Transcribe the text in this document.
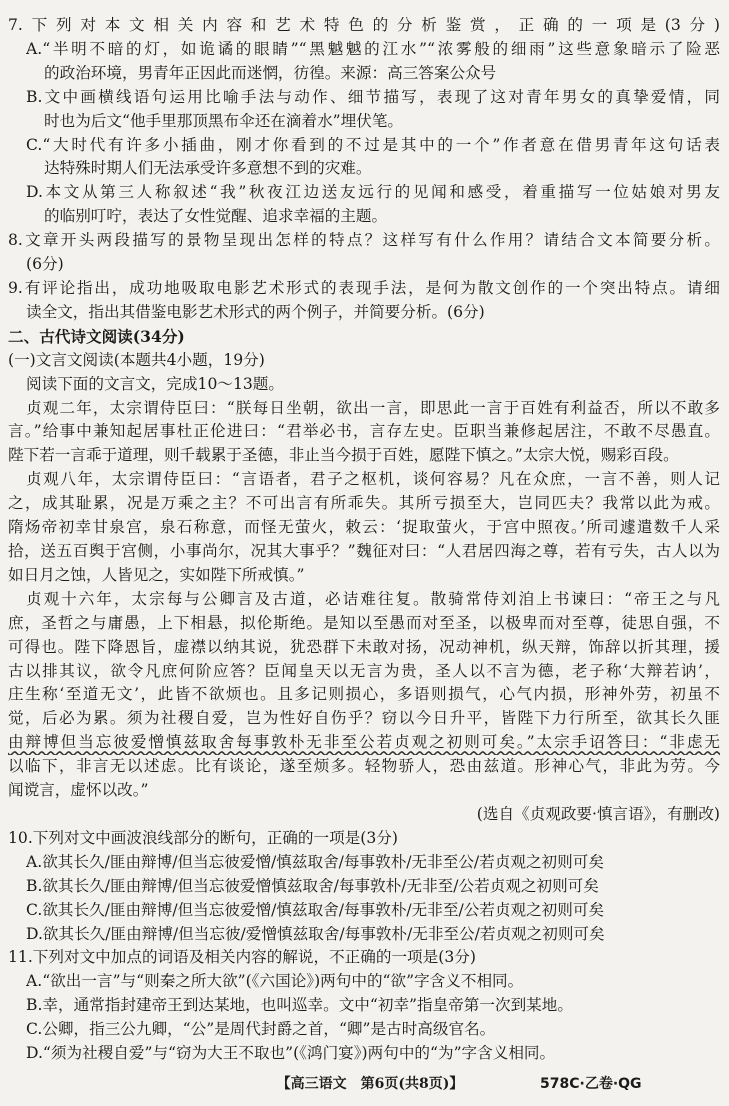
7.下列对本文相关内容和艺术特色的分析鉴赏，正确的一项是(3分)
A.“半明不暗的灯，如诡谲的眼睛”“黑魆魆的江水”“浓雾般的细雨”这些意象暗示了险恶
的政治环境，男青年正因此而迷惘，彷徨。来源：高三答案公众号
B.文中画横线语句运用比喻手法与动作、细节描写，表现了这对青年男女的真挚爱情，同
时也为后文“他手里那顶黑布伞还在滴着水”埋伏笔。
C.“大时代有许多小插曲，刚才你看到的不过是其中的一个”作者意在借男青年这句话表
达特殊时期人们无法承受许多意想不到的灾难。
D.本文从第三人称叙述“我”秋夜江边送友远行的见闻和感受，着重描写一位姑娘对男友
的临别叮咛，表达了女性觉醒、追求幸福的主题。
8.文章开头两段描写的景物呈现出怎样的特点？这样写有什么作用？请结合文本简要分析。
(6分)
9.有评论指出，成功地吸取电影艺术形式的表现手法，是何为散文创作的一个突出特点。请细
读全文，指出其借鉴电影艺术形式的两个例子，并简要分析。(6分)
二、古代诗文阅读(34分)
(一)文言文阅读(本题共4小题，19分)
阅读下面的文言文，完成10～13题。
贞观二年，太宗谓侍臣曰：“朕每日坐朝，欲出一言，即思此一言于百姓有利益否，所以不敢多
言。”给事中兼知起居事杜正伦进曰：“君举必书，言存左史。臣职当兼修起居注，不敢不尽愚直。
陛下若一言乖于道理，则千载累于圣德，非止当今损于百姓，愿陛下慎之。”太宗大悦，赐彩百段。
贞观八年，太宗谓侍臣曰：“言语者，君子之枢机，谈何容易？凡在众庶，一言不善，则人记
之，成其耻累，况是万乘之主？不可出言有所乖失。其所亏损至大，岂同匹夫？我常以此为戒。
隋炀帝初幸甘泉宫，泉石称意，而怪无萤火，敕云：‘捉取萤火，于宫中照夜。’所司遽遣数千人采
拾，送五百舆于宫侧，小事尚尔，况其大事乎？”魏征对曰：“人君居四海之尊，若有亏失，古人以为
如日月之蚀，人皆见之，实如陛下所戒慎。”
贞观十六年，太宗每与公卿言及古道，必诘难往复。散骑常侍刘洎上书谏曰：“帝王之与凡
庶，圣哲之与庸愚，上下相悬，拟伦斯绝。是知以至愚而对至圣，以极卑而对至尊，徒思自强，不
可得也。陛下降恩旨，虚襟以纳其说，犹恐群下未敢对扬，况动神机，纵天辩，饰辞以折其理，援
古以排其议，欲令凡庶何阶应答？臣闻皇天以无言为贵，圣人以不言为德，老子称‘大辩若讷’，
庄生称‘至道无文’，此皆不欲烦也。且多记则损心，多语则损气，心气内损，形神外劳，初虽不
觉，后必为累。须为社稷自爱，岂为性好自伤乎？窃以今日升平，皆陛下力行所至，欲其长久匪
由辩博但当忘彼爱憎慎兹取舍每事敦朴无非至公若贞观之初则可矣。”太宗手诏答曰：“非虑无
以临下，非言无以述虑。比有谈论，遂至烦多。轻物骄人，恐由兹道。形神心气，非此为劳。今
闻谠言，虚怀以改。”
(选自《贞观政要·慎言语》，有删改)
10.下列对文中画波浪线部分的断句，正确的一项是(3分)
A.欲其长久/匪由辩博/但当忘彼爱憎/慎兹取舍/每事敦朴/无非至公/若贞观之初则可矣
B.欲其长久/匪由辩博/但当忘彼爱憎慎兹取舍/每事敦朴/无非至/公若贞观之初则可矣
C.欲其长久/匪由辩博/但当忘彼爱憎/慎兹取舍/每事敦朴/无非至/公若贞观之初则可矣
D.欲其长久/匪由辩博/但当忘彼/爱憎慎兹取舍/每事敦朴/无非至公/若贞观之初则可矣
11.下列对文中加点的词语及相关内容的解说，不正确的一项是(3分)
【高三语文　第6页(共8页)】	578C·乙卷·QG
A.“欲出一言”与“则秦之所大欲”(《六国论》)两句中的“欲”字含义不相同。
B.幸，通常指封建帝王到达某地，也叫巡幸。文中“初幸”指皇帝第一次到某地。
C.公卿，指三公九卿，“公”是周代封爵之首，“卿”是古时高级官名。
D.“须为社稷自爱”与“窃为大王不取也”(《鸿门宴》)两句中的“为”字含义相同。
